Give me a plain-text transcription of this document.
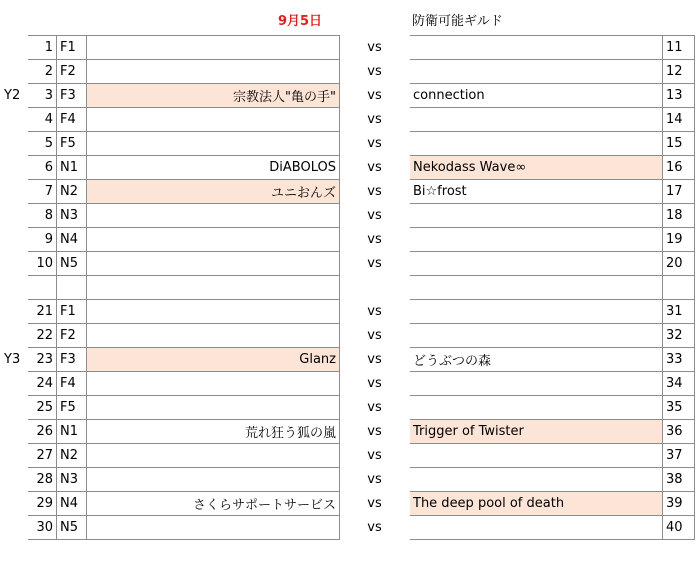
9月5日	防衛可能ギルド
	1	F1		vs		11
	2	F2		vs		12
Y2	3	F3	宗教法人"亀の手"	vs	connection	13
	4	F4		vs		14
	5	F5		vs		15
	6	N1	DiABOLOS	vs	Nekodass Wave∞	16
	7	N2	ユニおんズ	vs	Bi☆frost	17
	8	N3		vs		18
	9	N4		vs		19
	10	N5		vs		20

	21	F1		vs		31
	22	F2		vs		32
Y3	23	F3	Glanz	vs	どうぶつの森	33
	24	F4		vs		34
	25	F5		vs		35
	26	N1	荒れ狂う狐の嵐	vs	Trigger of Twister	36
	27	N2		vs		37
	28	N3		vs		38
	29	N4	さくらサポートサービス	vs	The deep pool of death	39
	30	N5		vs		40
